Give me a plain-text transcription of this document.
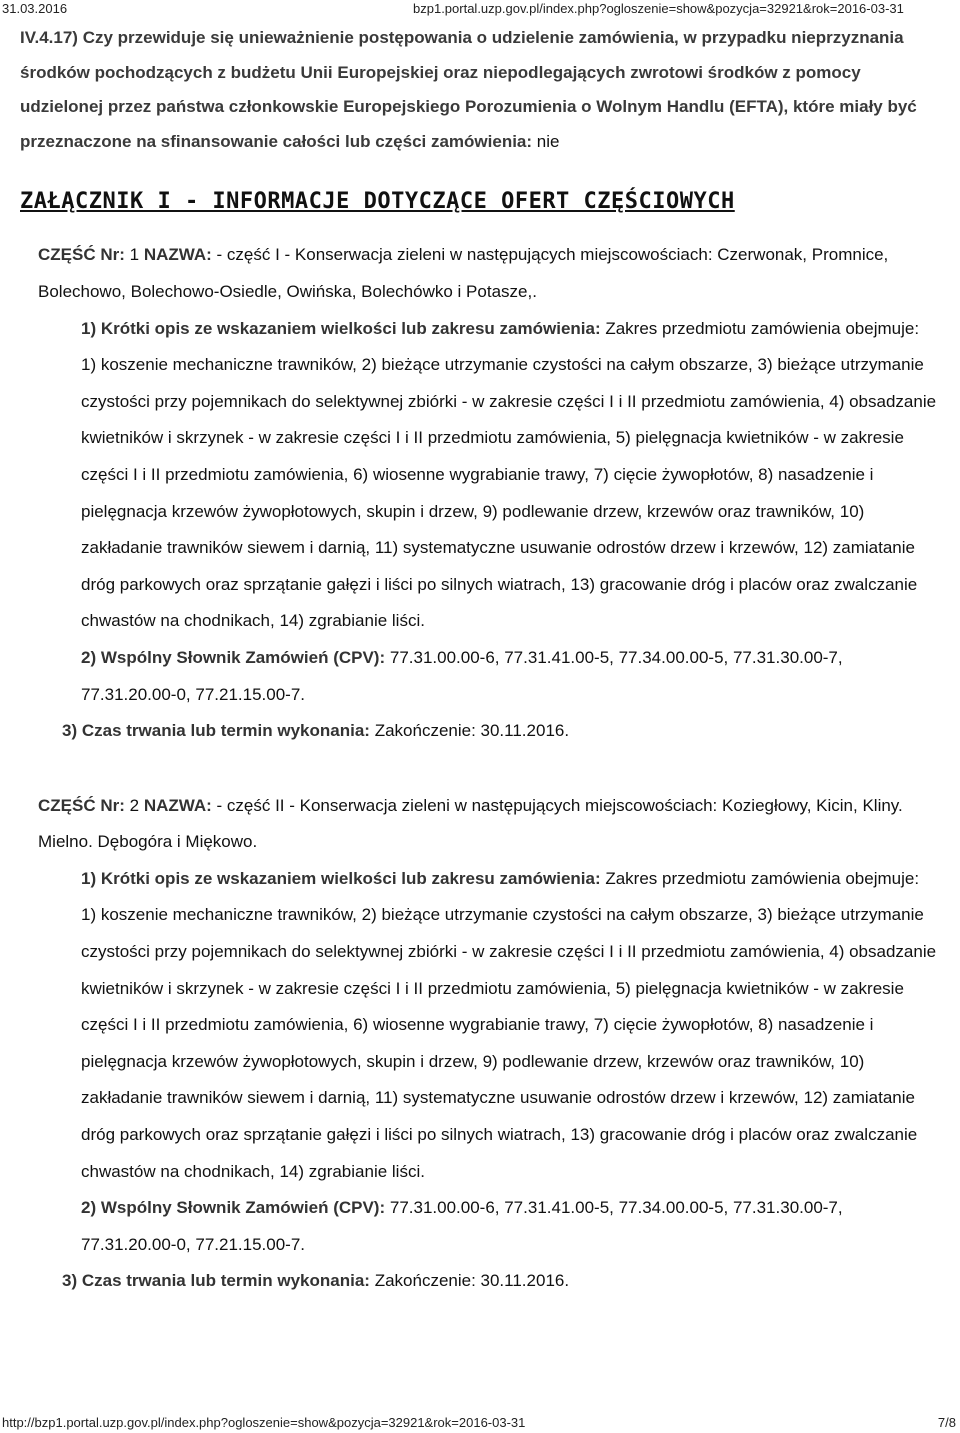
31.03.2016	bzp1.portal.uzp.gov.pl/index.php?ogloszenie=show&pozycja=32921&rok=2016-03-31

IV.4.17) Czy przewiduje się unieważnienie postępowania o udzielenie zamówienia, w przypadku nieprzyznania środków pochodzących z budżetu Unii Europejskiej oraz niepodlegających zwrotowi środków z pomocy udzielonej przez państwa członkowskie Europejskiego Porozumienia o Wolnym Handlu (EFTA), które miały być przeznaczone na sfinansowanie całości lub części zamówienia: nie

ZAŁĄCZNIK I - INFORMACJE DOTYCZĄCE OFERT CZĘŚCIOWYCH

CZĘŚĆ Nr: 1 NAZWA: - część I - Konserwacja zieleni w następujących miejscowościach: Czerwonak, Promnice, Bolechowo, Bolechowo-Osiedle, Owińska, Bolechówko i Potasze,.

1) Krótki opis ze wskazaniem wielkości lub zakresu zamówienia: Zakres przedmiotu zamówienia obejmuje: 1) koszenie mechaniczne trawników, 2) bieżące utrzymanie czystości na całym obszarze, 3) bieżące utrzymanie czystości przy pojemnikach do selektywnej zbiórki - w zakresie części I i II przedmiotu zamówienia, 4) obsadzanie kwietników i skrzynek - w zakresie części I i II przedmiotu zamówienia, 5) pielęgnacja kwietników - w zakresie części I i II przedmiotu zamówienia, 6) wiosenne wygrabianie trawy, 7) cięcie żywopłotów, 8) nasadzenie i pielęgnacja krzewów żywopłotowych, skupin i drzew, 9) podlewanie drzew, krzewów oraz trawników, 10) zakładanie trawników siewem i darnią, 11) systematyczne usuwanie odrostów drzew i krzewów, 12) zamiatanie dróg parkowych oraz sprzątanie gałęzi i liści po silnych wiatrach, 13) gracowanie dróg i placów oraz zwalczanie chwastów na chodnikach, 14) zgrabianie liści.

2) Wspólny Słownik Zamówień (CPV): 77.31.00.00-6, 77.31.41.00-5, 77.34.00.00-5, 77.31.30.00-7, 77.31.20.00-0, 77.21.15.00-7.

3) Czas trwania lub termin wykonania: Zakończenie: 30.11.2016.

CZĘŚĆ Nr: 2 NAZWA: - część II - Konserwacja zieleni w następujących miejscowościach: Koziegłowy, Kicin, Kliny. Mielno. Dębogóra i Miękowo.

1) Krótki opis ze wskazaniem wielkości lub zakresu zamówienia: Zakres przedmiotu zamówienia obejmuje: 1) koszenie mechaniczne trawników, 2) bieżące utrzymanie czystości na całym obszarze, 3) bieżące utrzymanie czystości przy pojemnikach do selektywnej zbiórki - w zakresie części I i II przedmiotu zamówienia, 4) obsadzanie kwietników i skrzynek - w zakresie części I i II przedmiotu zamówienia, 5) pielęgnacja kwietników - w zakresie części I i II przedmiotu zamówienia, 6) wiosenne wygrabianie trawy, 7) cięcie żywopłotów, 8) nasadzenie i pielęgnacja krzewów żywopłotowych, skupin i drzew, 9) podlewanie drzew, krzewów oraz trawników, 10) zakładanie trawników siewem i darnią, 11) systematyczne usuwanie odrostów drzew i krzewów, 12) zamiatanie dróg parkowych oraz sprzątanie gałęzi i liści po silnych wiatrach, 13) gracowanie dróg i placów oraz zwalczanie chwastów na chodnikach, 14) zgrabianie liści.

2) Wspólny Słownik Zamówień (CPV): 77.31.00.00-6, 77.31.41.00-5, 77.34.00.00-5, 77.31.30.00-7, 77.31.20.00-0, 77.21.15.00-7.

3) Czas trwania lub termin wykonania: Zakończenie: 30.11.2016.

http://bzp1.portal.uzp.gov.pl/index.php?ogloszenie=show&pozycja=32921&rok=2016-03-31	7/8
